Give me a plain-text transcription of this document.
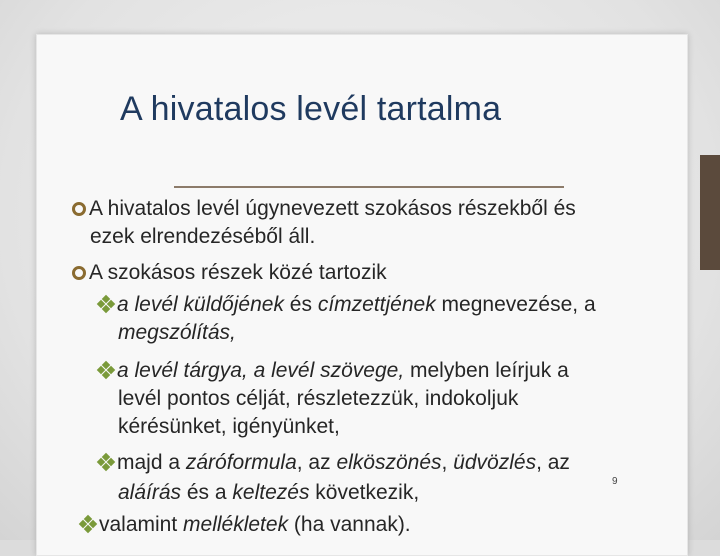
A hivatalos levél tartalma
A hivatalos levél úgynevezett szokásos részekből és
ezek elrendezéséből áll.
A szokásos részek közé tartozik
a levél küldőjének és címzettjének megnevezése, a
megszólítás,
a levél tárgya, a levél szövege, melyben leírjuk a
levél pontos célját, részletezzük, indokoljuk
kérésünket, igényünket,
majd a záróformula, az elköszönés, üdvözlés, az
aláírás és a keltezés következik,
valamint mellékletek (ha vannak).
9
